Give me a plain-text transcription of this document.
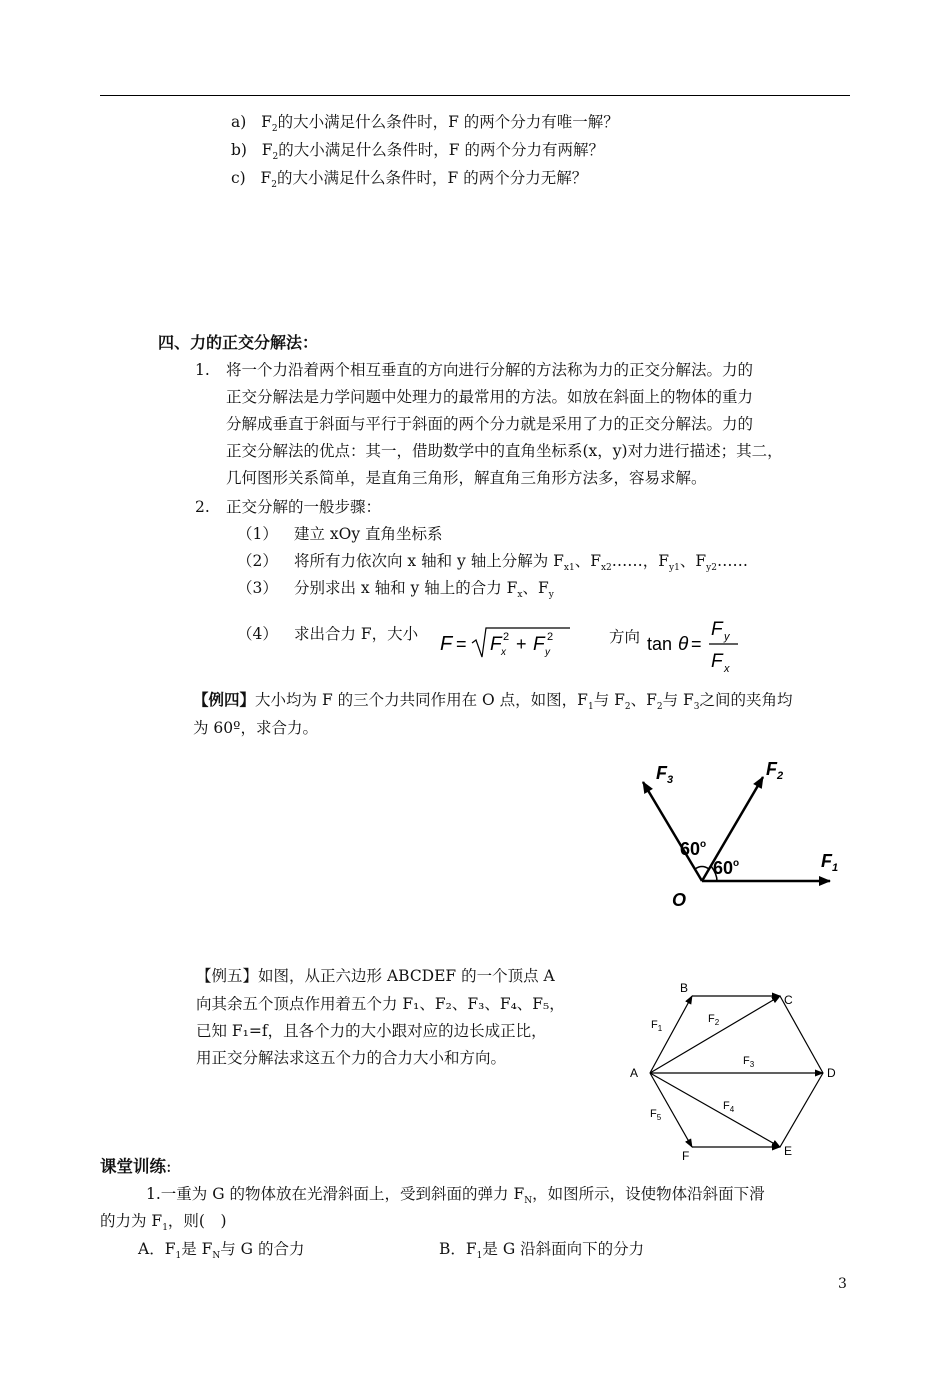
a) $F_2$的大小满足什么条件时，F 的两个分力有唯一解？
b) $F_2$的大小满足什么条件时，F 的两个分力有两解？
c) $F_2$的大小满足什么条件时，F 的两个分力无解？
四、力的正交分解法：
1. 将一个力沿着两个相互垂直的方向进行分解的方法称为力的正交分解法。力的
正交分解法是力学问题中处理力的最常用的方法。如放在斜面上的物体的重力
分解成垂直于斜面与平行于斜面的两个分力就是采用了力的正交分解法。力的
正交分解法的优点：其一，借助数学中的直角坐标系(x，y)对力进行描述；其二，
几何图形关系简单，是直角三角形，解直角三角形方法多，容易求解。
2. 正交分解的一般步骤：
（1） 建立 xOy 直角坐标系
（2） 将所有力依次向 x 轴和 y 轴上分解为 $F_{x1}$、$F_{x2}\dots\dots$，$F_{y1}$、$F_{y2}\dots\dots$
（3） 分别求出 x 轴和 y 轴上的合力 $F_x$、$F_y$
（4） 求出合力 F，大小 F = F x
2 + F y
2	方向 tan θ =
F y
F x
【例四】大小均为 F 的三个力共同作用在 O 点，如图，$F_1$与 $F_2$、$F_2$与 $F_3$之间的夹角均
为 60º，求合力。
$F_3$
$F_2$
$F_1$
60$^o$
60$^o$
O
【例五】如图，从正六边形 ABCDEF 的一个顶点 A
向其余五个顶点作用着五个力 F₁、F₂、F₃、F₄、F₅，
已知 F₁=f，且各个力的大小跟对应的边长成正比，
用正交分解法求这五个力的合力大小和方向。
A
B
C
D
E
F
$F_1$
$F_2$
$F_3$
$F_4$
$F_5$
课堂训练:
1.一重为 G 的物体放在光滑斜面上，受到斜面的弹力 $F_N$，如图所示，设使物体沿斜面下滑
的力为 $F_1$，则(　)
A．$F_1$是 $F_N$与 G 的合力	B．$F_1$是 G 沿斜面向下的分力
3
